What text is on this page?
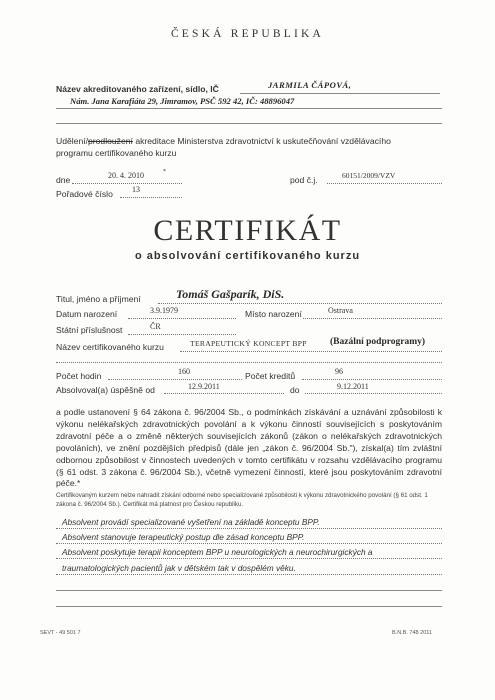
ČESKÁ REPUBLIKA
Název akreditovaného zařízení, sídlo, IČ	JARMILA ČÁPOVÁ,
Nám. Jana Karafiáta 29, Jimramov, PSČ 592 42, IČ: 48896047
Udělení/prodloužení akreditace Ministerstva zdravotnictví k uskutečňování vzdělávacího
programu certifikovaného kurzu
dne	20. 4. 2010	*
pod č.j.	60151/2009/VZV
Pořadové číslo 13
CERTIFIKÁT
o absolvování certifikovaného kurzu
Titul, jméno a příjmení	Tomáš Gašparík, DiS.
Datum narození	3.9.1979	Místo narození	Ostrava
Státní příslušnost	ČR
Název certifikovaného kurzu	TERAPEUTICKÝ KONCEPT BPP (Bazální podprogramy)
Počet hodin	160	Počet kreditů	96
Absolvoval(a) úspěšně od	12.9.2011	do	9.12.2011
a podle ustanovení § 64 zákona č. 96/2004 Sb., o podmínkách získávání a uznávání způsobilosti k výkonu nelékařských zdravotnických povolání a k výkonu činností souvisejících s poskytováním zdravotní péče a o změně některých souvisejících zákonů (zákon o nelékařských zdravotnických povoláních), ve znění pozdějších předpisů (dále jen „zákon č. 96/2004 Sb."), získal(a) tím zvláštní odbornou způsobilost v činnostech uvedených v tomto certifikátu v rozsahu vzdělávacího programu (§ 61 odst. 3 zákona č. 96/2004 Sb.), včetně vymezení činností, které jsou poskytováním zdravotní péče.*
Certifikovaným kurzem nelze nahradit získání odborné nebo specializované způsobilosti k výkonu zdravotnického povolání (§ 61 odst. 1 zákona č. 96/2004 Sb.). Certifikát má platnost pro Českou republiku.
Absolvent provádí specializované vyšetření na základě konceptu BPP.
Absolvent stanovuje terapeutický postup dle zásad konceptu BPP.
Absolvent poskytuje terapii konceptem BPP u neurologických a neurochirurgických a
traumatologických pacientů jak v dětském tak v dospělém věku.
SEVT - 49 501 7	B.N.B. 748 2011
